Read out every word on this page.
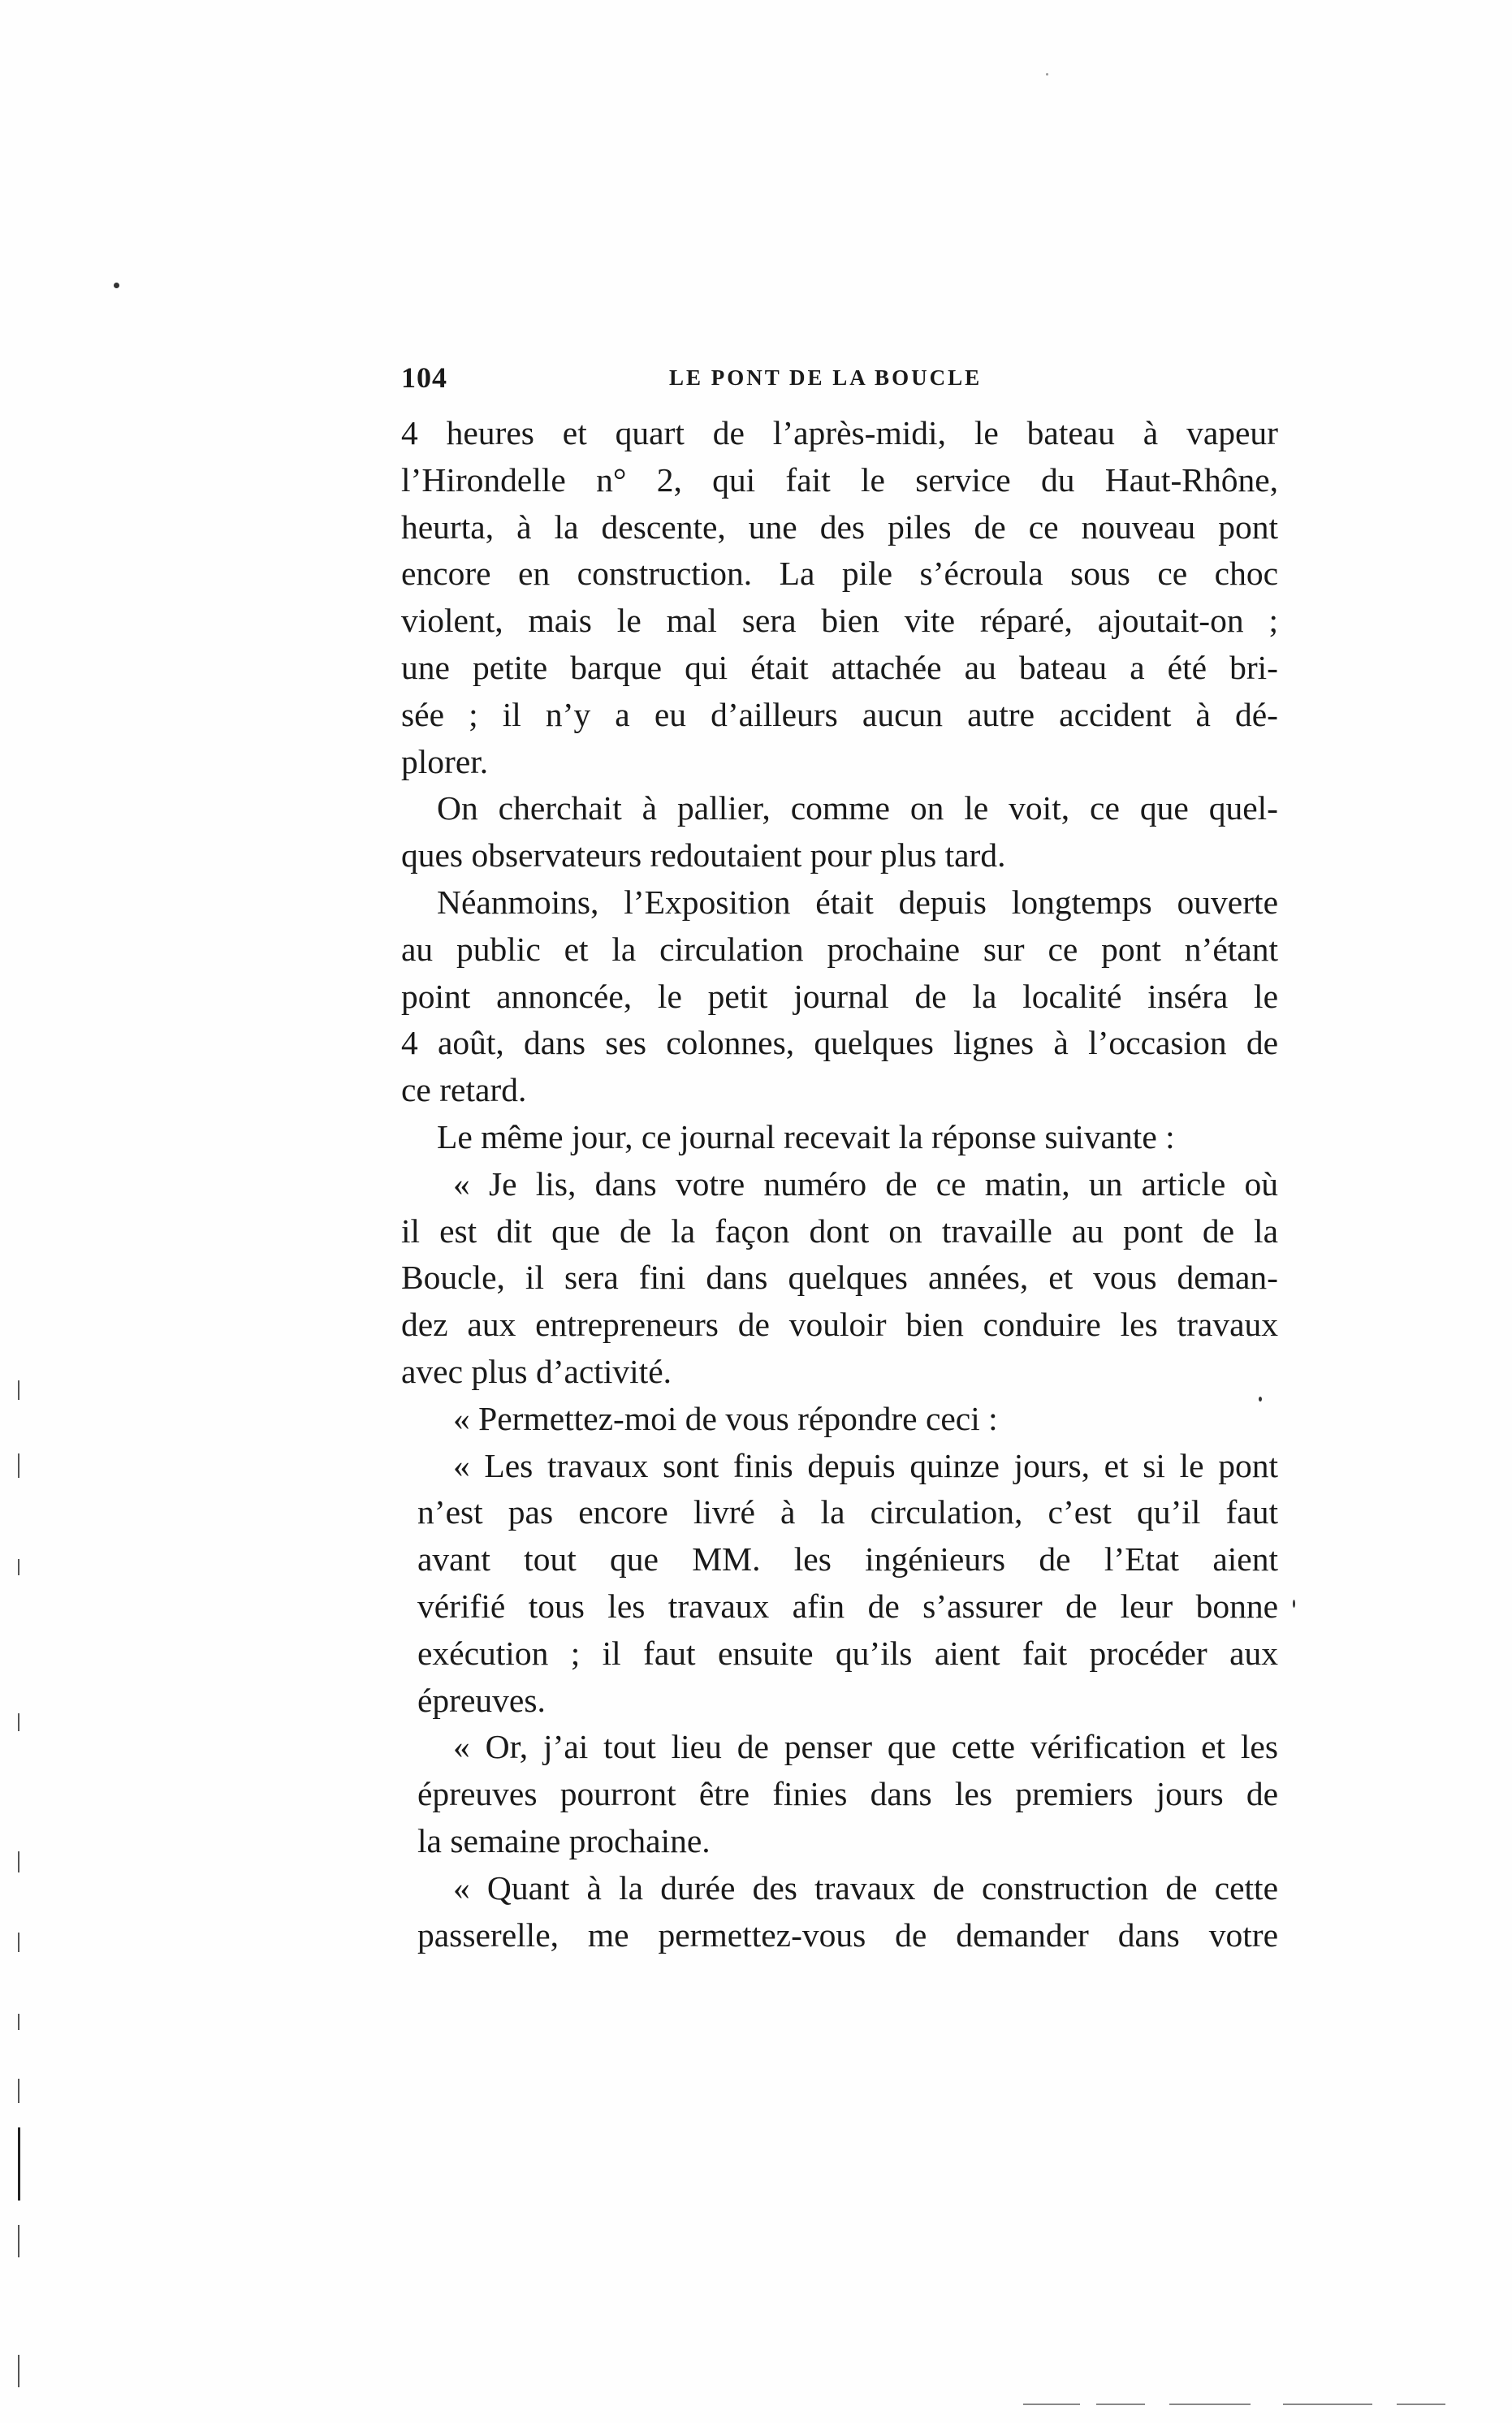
104	LE PONT DE LA BOUCLE
4 heures et quart de l’après-midi, le bateau à vapeur
l’Hirondelle n° 2, qui fait le service du Haut-Rhône,
heurta, à la descente, une des piles de ce nouveau pont
encore en construction. La pile s’écroula sous ce choc
violent, mais le mal sera bien vite réparé, ajoutait-on ;
une petite barque qui était attachée au bateau a été bri-
sée ; il n’y a eu d’ailleurs aucun autre accident à dé-
plorer.
On cherchait à pallier, comme on le voit, ce que quel-
ques observateurs redoutaient pour plus tard.
Néanmoins, l’Exposition était depuis longtemps ouverte
au public et la circulation prochaine sur ce pont n’étant
point annoncée, le petit journal de la localité inséra le
4 août, dans ses colonnes, quelques lignes à l’occasion de
ce retard.
Le même jour, ce journal recevait la réponse suivante :
« Je lis, dans votre numéro de ce matin, un article où
il est dit que de la façon dont on travaille au pont de la
Boucle, il sera fini dans quelques années, et vous deman-
dez aux entrepreneurs de vouloir bien conduire les travaux
avec plus d’activité.
« Permettez-moi de vous répondre ceci :
« Les travaux sont finis depuis quinze jours, et si le pont
n’est pas encore livré à la circulation, c’est qu’il faut
avant tout que MM. les ingénieurs de l’Etat aient
vérifié tous les travaux afin de s’assurer de leur bonne
exécution ; il faut ensuite qu’ils aient fait procéder aux
épreuves.
« Or, j’ai tout lieu de penser que cette vérification et les
épreuves pourront être finies dans les premiers jours de
la semaine prochaine.
« Quant à la durée des travaux de construction de cette
passerelle, me permettez-vous de demander dans votre
